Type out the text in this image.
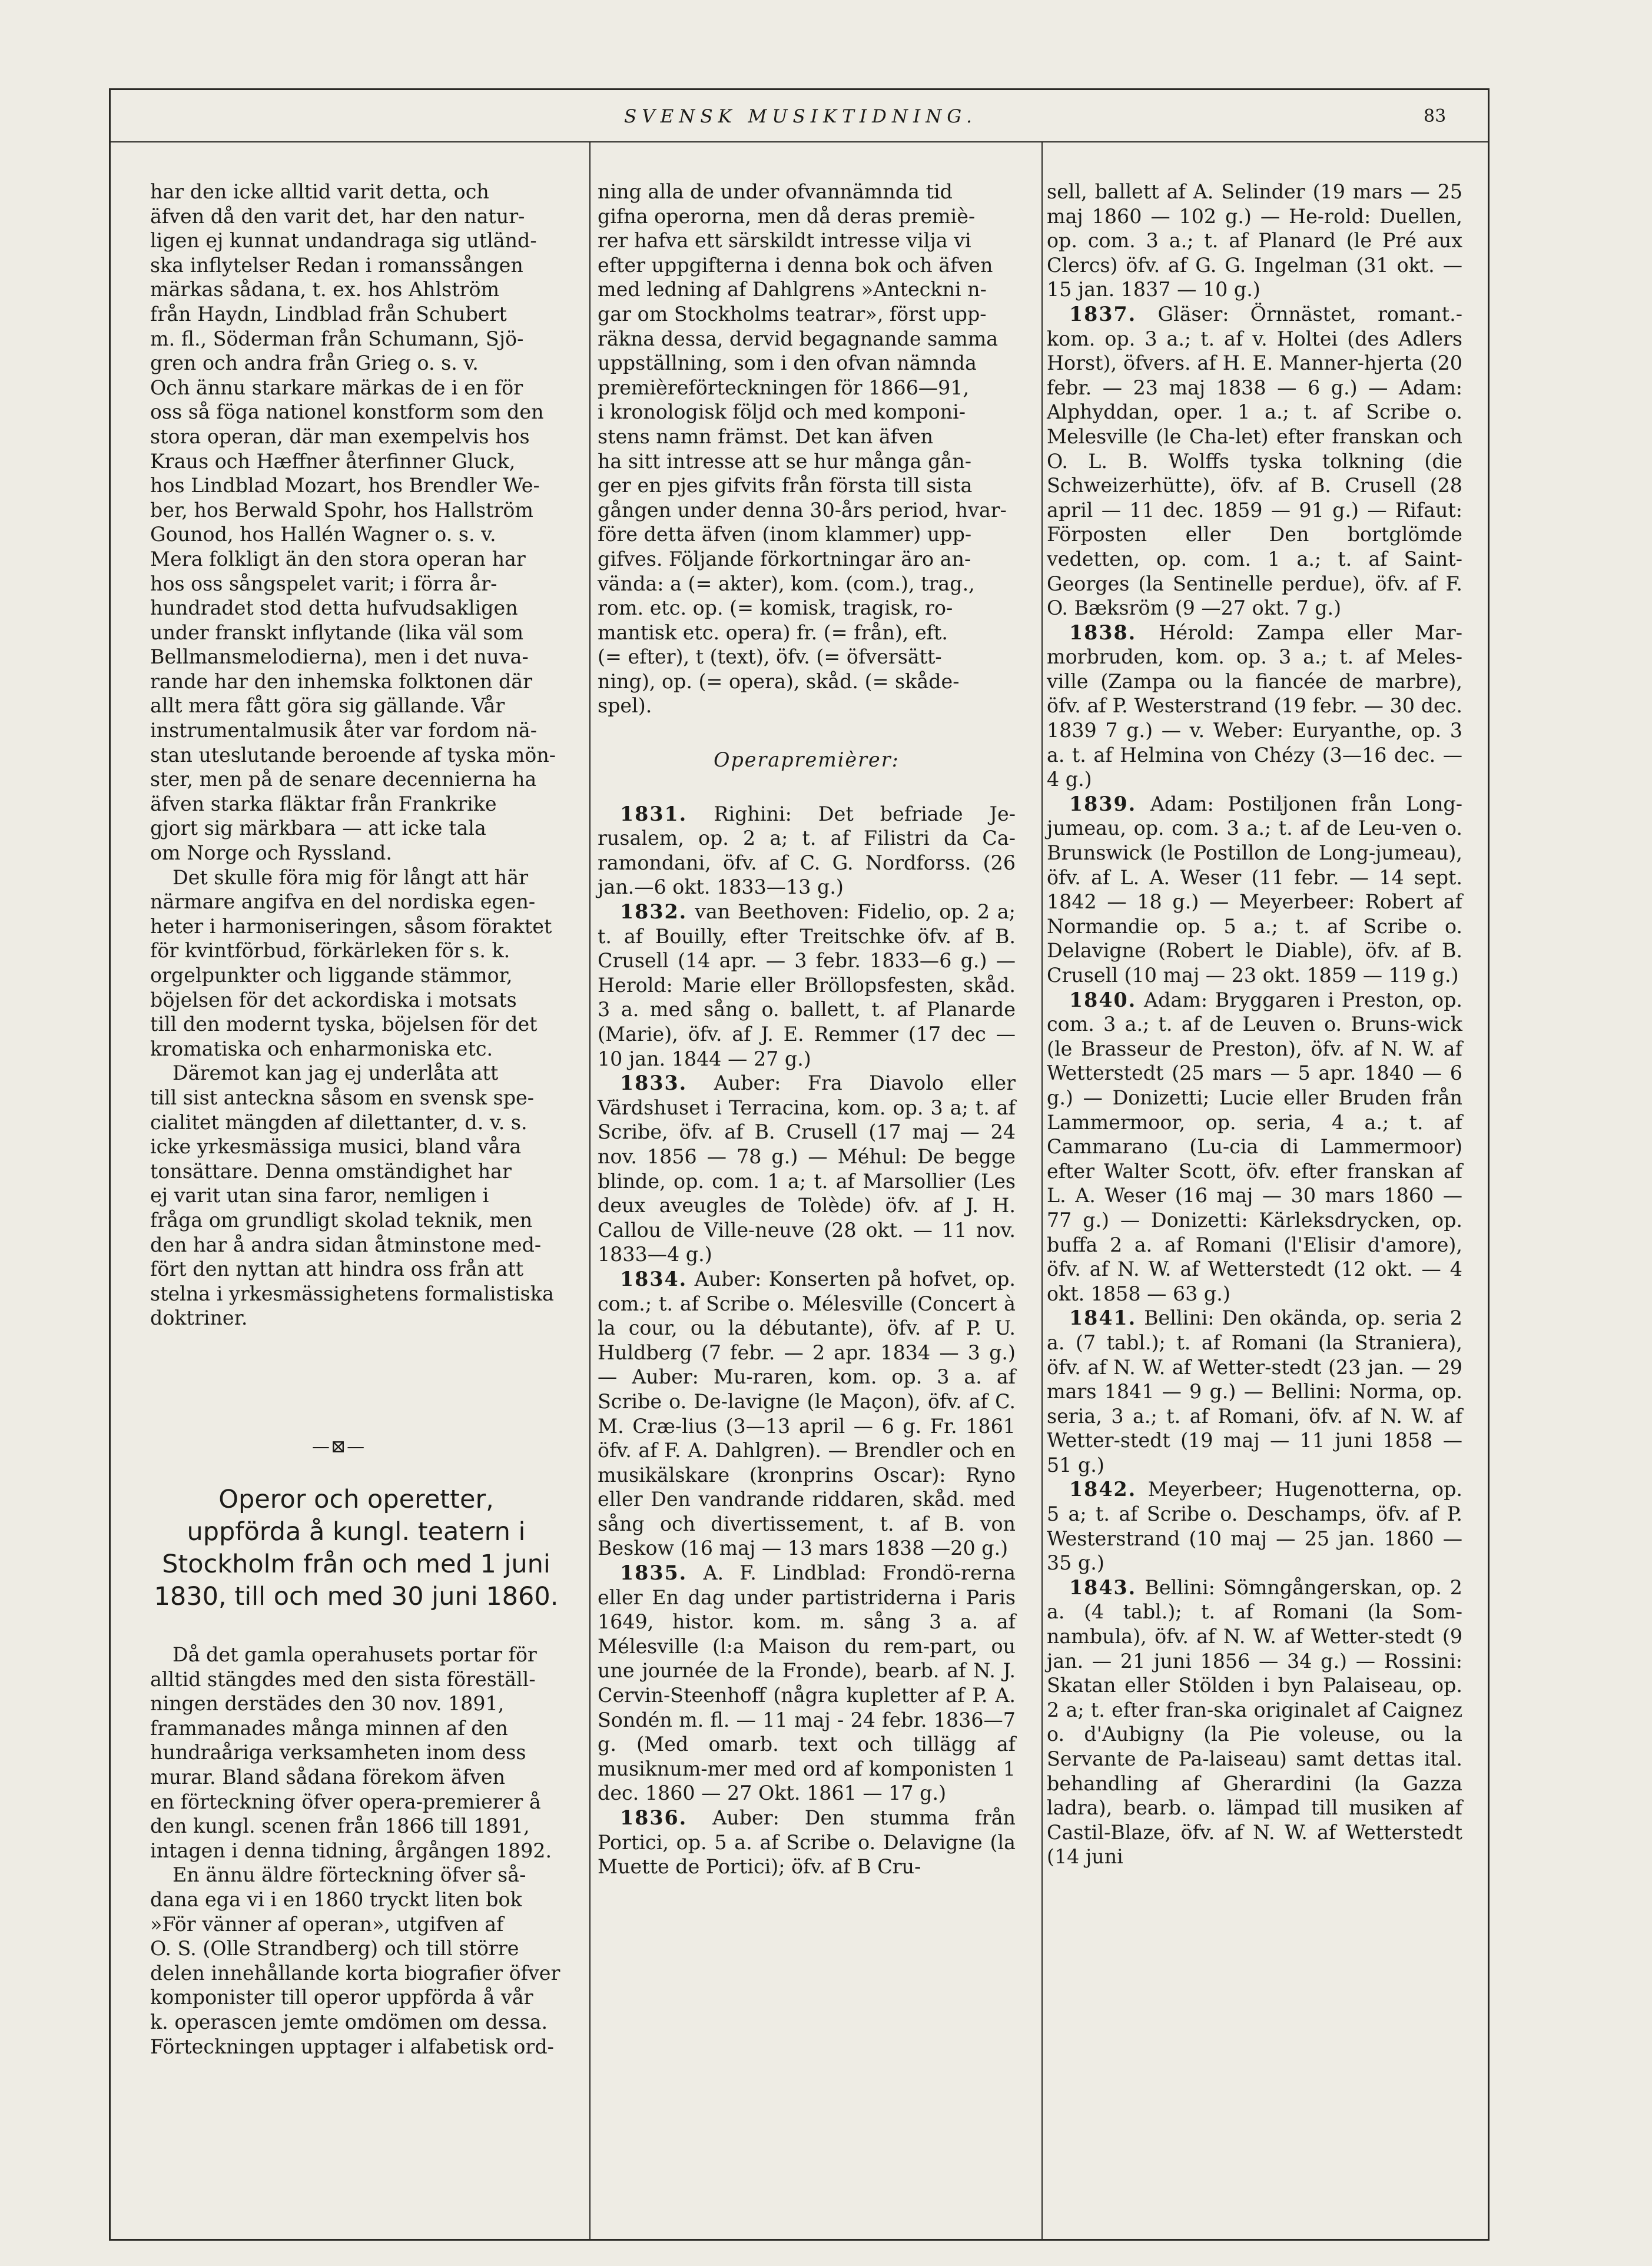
SVENSK MUSIKTIDNING.	83

har den icke alltid varit detta, och

äfven då den varit det, har den natur-

ligen ej kunnat undandraga sig utländ-

ska inflytelser Redan i romanssången

märkas sådana, t. ex. hos Ahlström

från Haydn, Lindblad från Schubert

m. fl., Söderman från Schumann, Sjö-

gren och andra från Grieg o. s. v.

Och ännu starkare märkas de i en för

oss så föga nationel konstform som den

stora operan, där man exempelvis hos

Kraus och Hæffner återfinner Gluck,

hos Lindblad Mozart, hos Brendler We-

ber, hos Berwald Spohr, hos Hallström

Gounod, hos Hallén Wagner o. s. v.

Mera folkligt än den stora operan har

hos oss sångspelet varit; i förra år-

hundradet stod detta hufvudsakligen

under franskt inflytande (lika väl som

Bellmansmelodierna), men i det nuva-

rande har den inhemska folktonen där

allt mera fått göra sig gällande. Vår

instrumentalmusik åter var fordom nä-

stan uteslutande beroende af tyska mön-

ster, men på de senare decennierna ha

äfven starka fläktar från Frankrike

gjort sig märkbara — att icke tala

om Norge och Ryssland.

Det skulle föra mig för långt att här

närmare angifva en del nordiska egen-

heter i harmoniseringen, såsom föraktet

för kvintförbud, förkärleken för s. k.

orgelpunkter och liggande stämmor,

böjelsen för det ackordiska i motsats

till den modernt tyska, böjelsen för det

kromatiska och enharmoniska etc.

Däremot kan jag ej underlåta att

till sist anteckna såsom en svensk spe-

cialitet mängden af dilettanter, d. v. s.

icke yrkesmässiga musici, bland våra

tonsättare. Denna omständighet har

ej varit utan sina faror, nemligen i

fråga om grundligt skolad teknik, men

den har å andra sidan åtminstone med-

fört den nyttan att hindra oss från att

stelna i yrkesmässighetens formalistiska

doktriner.

—⊠—
Operor och operetter,
uppförda å kungl. teatern i
Stockholm från och med 1 juni
1830, till och med 30 juni 1860.

Då det gamla operahusets portar för

alltid stängdes med den sista föreställ-

ningen derstädes den 30 nov. 1891,

frammanades många minnen af den

hundraåriga verksamheten inom dess

murar. Bland sådana förekom äfven

en förteckning öfver opera-premierer å

den kungl. scenen från 1866 till 1891,

intagen i denna tidning, årgången 1892.

En ännu äldre förteckning öfver så-

dana ega vi i en 1860 tryckt liten bok

»För vänner af operan», utgifven af

O. S. (Olle Strandberg) och till större

delen innehållande korta biografier öfver

komponister till operor uppförda å vår

k. operascen jemte omdömen om dessa.

Förteckningen upptager i alfabetisk ord-

ning alla de under ofvannämnda tid

gifna operorna, men då deras premiè-

rer hafva ett särskildt intresse vilja vi

efter uppgifterna i denna bok och äfven

med ledning af Dahlgrens »Anteckni n-

gar om Stockholms teatrar», först upp-

räkna dessa, dervid begagnande samma

uppställning, som i den ofvan nämnda

premièreförteckningen för 1866—91,

i kronologisk följd och med komponi-

stens namn främst. Det kan äfven

ha sitt intresse att se hur många gån-

ger en pjes gifvits från första till sista

gången under denna 30-års period, hvar-

före detta äfven (inom klammer) upp-

gifves. Följande förkortningar äro an-

vända: a (= akter), kom. (com.), trag.,

rom. etc. op. (= komisk, tragisk, ro-

mantisk etc. opera) fr. (= från), eft.

(= efter), t (text), öfv. (= öfversätt-

ning), op. (= opera), skåd. (= skåde-

spel).

Operapremièrer:

1831. Righini: Det befriade Je-rusalem, op. 2 a; t. af Filistri da Ca-ramondani, öfv. af C. G. Nordforss. (26 jan.—6 okt. 1833—13 g.)

1832. van Beethoven: Fidelio, op. 2 a; t. af Bouilly, efter Treitschke öfv. af B. Crusell (14 apr. — 3 febr. 1833—6 g.) — Herold: Marie eller Bröllopsfesten, skåd. 3 a. med sång o. ballett, t. af Planarde (Marie), öfv. af J. E. Remmer (17 dec — 10 jan. 1844 — 27 g.)

1833. Auber: Fra Diavolo eller Värdshuset i Terracina, kom. op. 3 a; t. af Scribe, öfv. af B. Crusell (17 maj — 24 nov. 1856 — 78 g.) — Méhul: De begge blinde, op. com. 1 a; t. af Marsollier (Les deux aveugles de Tolède) öfv. af J. H. Callou de Ville-neuve (28 okt. — 11 nov. 1833—4 g.)

1834. Auber: Konserten på hofvet, op. com.; t. af Scribe o. Mélesville (Concert à la cour, ou la débutante), öfv. af P. U. Huldberg (7 febr. — 2 apr. 1834 — 3 g.) — Auber: Mu-raren, kom. op. 3 a. af Scribe o. De-lavigne (le Maçon), öfv. af C. M. Cræ-lius (3—13 april — 6 g. Fr. 1861 öfv. af F. A. Dahlgren). — Brendler och en musikälskare (kronprins Oscar): Ryno eller Den vandrande riddaren, skåd. med sång och divertissement, t. af B. von Beskow (16 maj — 13 mars 1838 —20 g.)

1835. A. F. Lindblad: Frondö-rerna eller En dag under partistriderna i Paris 1649, histor. kom. m. sång 3 a. af Mélesville (l:a Maison du rem-part, ou une journée de la Fronde), bearb. af N. J. Cervin-Steenhoff (några kupletter af P. A. Sondén m. fl. — 11 maj - 24 febr. 1836—7 g. (Med omarb. text och tillägg af musiknum-mer med ord af komponisten 1 dec. 1860 — 27 Okt. 1861 — 17 g.)

1836. Auber: Den stumma från Portici, op. 5 a. af Scribe o. Delavigne (la Muette de Portici); öfv. af B Cru-

sell, ballett af A. Selinder (19 mars — 25 maj 1860 — 102 g.) — He-rold: Duellen, op. com. 3 a.; t. af Planard (le Pré aux Clercs) öfv. af G. G. Ingelman (31 okt. — 15 jan. 1837 — 10 g.)

1837. Gläser: Örnnästet, romant.-kom. op. 3 a.; t. af v. Holtei (des Adlers Horst), öfvers. af H. E. Manner-hjerta (20 febr. — 23 maj 1838 — 6 g.) — Adam: Alphyddan, oper. 1 a.; t. af Scribe o. Melesville (le Cha-let) efter franskan och O. L. B. Wolffs tyska tolkning (die Schweizerhütte), öfv. af B. Crusell (28 april — 11 dec. 1859 — 91 g.) — Rifaut: Förposten eller Den bortglömde vedetten, op. com. 1 a.; t. af Saint-Georges (la Sentinelle perdue), öfv. af F. O. Bæksröm (9 —27 okt. 7 g.)

1838. Hérold: Zampa eller Mar-morbruden, kom. op. 3 a.; t. af Meles-ville (Zampa ou la fiancée de marbre), öfv. af P. Westerstrand (19 febr. — 30 dec. 1839 7 g.) — v. Weber: Euryanthe, op. 3 a. t. af Helmina von Chézy (3—16 dec. — 4 g.)

1839. Adam: Postiljonen från Long-jumeau, op. com. 3 a.; t. af de Leu-ven o. Brunswick (le Postillon de Long-jumeau), öfv. af L. A. Weser (11 febr. — 14 sept. 1842 — 18 g.) — Meyerbeer: Robert af Normandie op. 5 a.; t. af Scribe o. Delavigne (Robert le Diable), öfv. af B. Crusell (10 maj — 23 okt. 1859 — 119 g.)

1840. Adam: Bryggaren i Preston, op. com. 3 a.; t. af de Leuven o. Bruns-wick (le Brasseur de Preston), öfv. af N. W. af Wetterstedt (25 mars — 5 apr. 1840 — 6 g.) — Donizetti; Lucie eller Bruden från Lammermoor, op. seria, 4 a.; t. af Cammarano (Lu-cia di Lammermoor) efter Walter Scott, öfv. efter franskan af L. A. Weser (16 maj — 30 mars 1860 — 77 g.) — Donizetti: Kärleksdrycken, op. buffa 2 a. af Romani (l'Elisir d'amore), öfv. af N. W. af Wetterstedt (12 okt. — 4 okt. 1858 — 63 g.)

1841. Bellini: Den okända, op. seria 2 a. (7 tabl.); t. af Romani (la Straniera), öfv. af N. W. af Wetter-stedt (23 jan. — 29 mars 1841 — 9 g.) — Bellini: Norma, op. seria, 3 a.; t. af Romani, öfv. af N. W. af Wetter-stedt (19 maj — 11 juni 1858 — 51 g.)

1842. Meyerbeer; Hugenotterna, op. 5 a; t. af Scribe o. Deschamps, öfv. af P. Westerstrand (10 maj — 25 jan. 1860 — 35 g.)

1843. Bellini: Sömngångerskan, op. 2 a. (4 tabl.); t. af Romani (la Som-nambula), öfv. af N. W. af Wetter-stedt (9 jan. — 21 juni 1856 — 34 g.) — Rossini: Skatan eller Stölden i byn Palaiseau, op. 2 a; t. efter fran-ska originalet af Caignez o. d'Aubigny (la Pie voleuse, ou la Servante de Pa-laiseau) samt dettas ital. behandling af Gherardini (la Gazza ladra), bearb. o. lämpad till musiken af Castil-Blaze, öfv. af N. W. af Wetterstedt (14 juni
